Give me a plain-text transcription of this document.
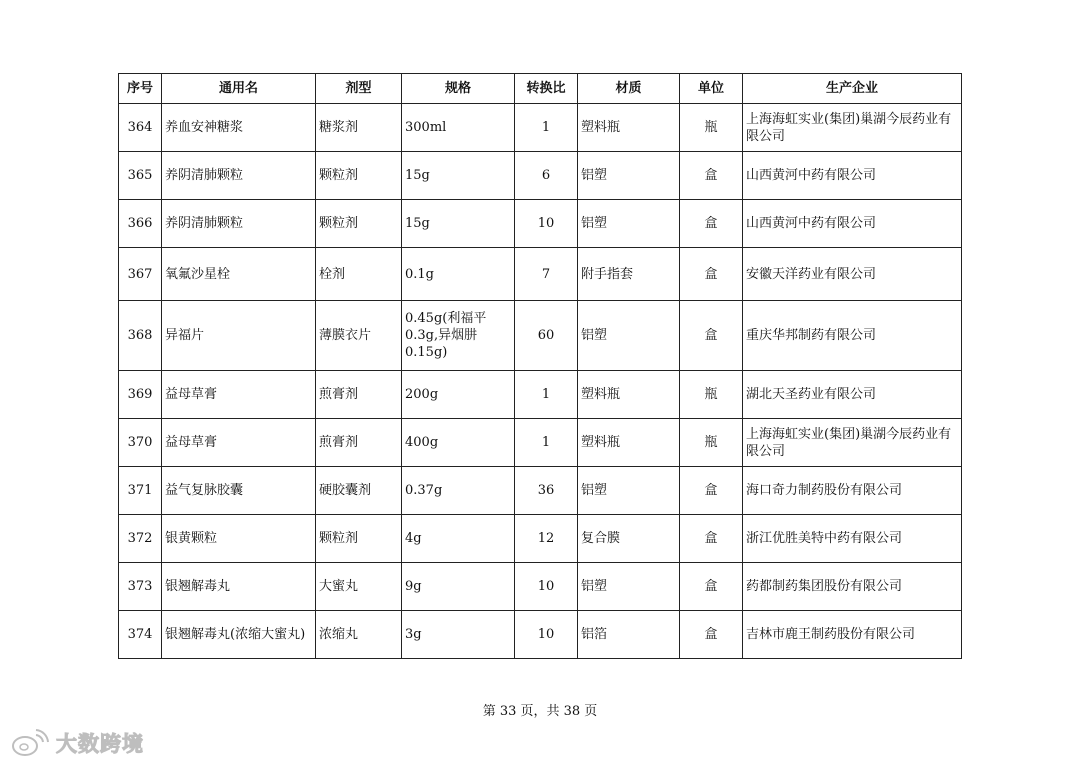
序号	通用名	剂型	规格	转换比	材质	单位	生产企业
364	养血安神糖浆	糖浆剂	300ml	1	塑料瓶	瓶	上海海虹实业(集团)巢湖今辰药业有限公司
365	养阴清肺颗粒	颗粒剂	15g	6	铝塑	盒	山西黄河中药有限公司
366	养阴清肺颗粒	颗粒剂	15g	10	铝塑	盒	山西黄河中药有限公司
367	氧氟沙星栓	栓剂	0.1g	7	附手指套	盒	安徽天洋药业有限公司
368	异福片	薄膜衣片	0.45g(利福平0.3g,异烟肼0.15g)	60	铝塑	盒	重庆华邦制药有限公司
369	益母草膏	煎膏剂	200g	1	塑料瓶	瓶	湖北天圣药业有限公司
370	益母草膏	煎膏剂	400g	1	塑料瓶	瓶	上海海虹实业(集团)巢湖今辰药业有限公司
371	益气复脉胶囊	硬胶囊剂	0.37g	36	铝塑	盒	海口奇力制药股份有限公司
372	银黄颗粒	颗粒剂	4g	12	复合膜	盒	浙江优胜美特中药有限公司
373	银翘解毒丸	大蜜丸	9g	10	铝塑	盒	药都制药集团股份有限公司
374	银翘解毒丸(浓缩大蜜丸)	浓缩丸	3g	10	铝箔	盒	吉林市鹿王制药股份有限公司
第 33 页，共 38 页
大数跨境
